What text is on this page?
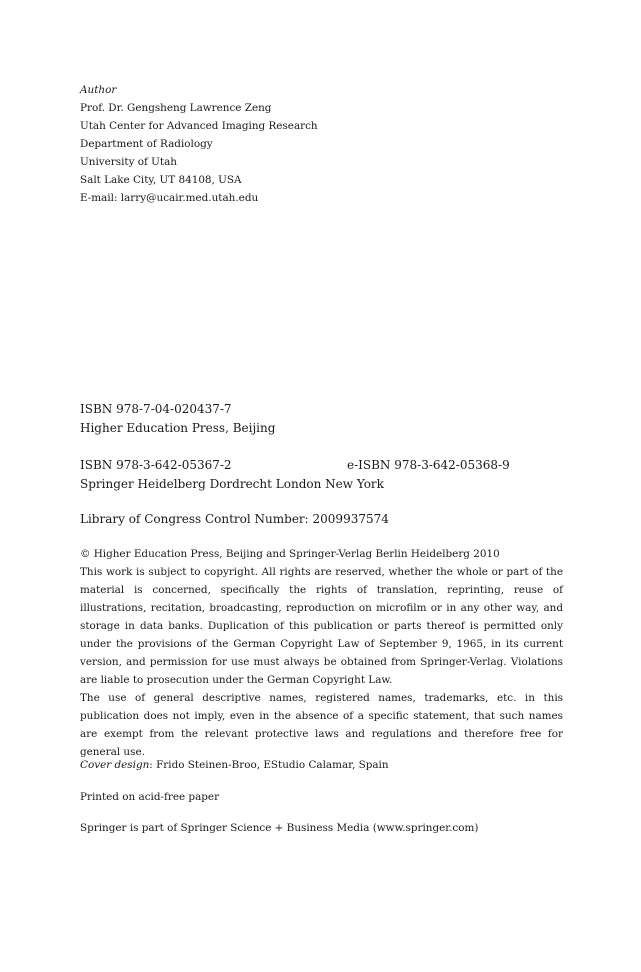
Author
Prof. Dr. Gengsheng Lawrence Zeng
Utah Center for Advanced Imaging Research
Department of Radiology
University of Utah
Salt Lake City, UT 84108, USA
E-mail: larry@ucair.med.utah.edu
ISBN 978-7-04-020437-7
Higher Education Press, Beijing
ISBN 978-3-642-05367-2	e-ISBN 978-3-642-05368-9
Springer Heidelberg Dordrecht London New York
Library of Congress Control Number: 2009937574
© Higher Education Press, Beijing and Springer-Verlag Berlin Heidelberg 2010

This work is subject to copyright. All rights are reserved, whether the whole or part of the material is concerned, specifically the rights of translation, reprinting, reuse of illustrations, recitation, broadcasting, reproduction on microfilm or in any other way, and storage in data banks. Duplication of this publication or parts thereof is permitted only under the provisions of the German Copyright Law of September 9, 1965, in its current version, and permission for use must always be obtained from Springer-Verlag. Violations are liable to prosecution under the German Copyright Law.

The use of general descriptive names, registered names, trademarks, etc. in this publication does not imply, even in the absence of a specific statement, that such names are exempt from the relevant protective laws and regulations and therefore free for general use.

Cover design: Frido Steinen-Broo, EStudio Calamar, Spain
Printed on acid-free paper
Springer is part of Springer Science + Business Media (www.springer.com)
